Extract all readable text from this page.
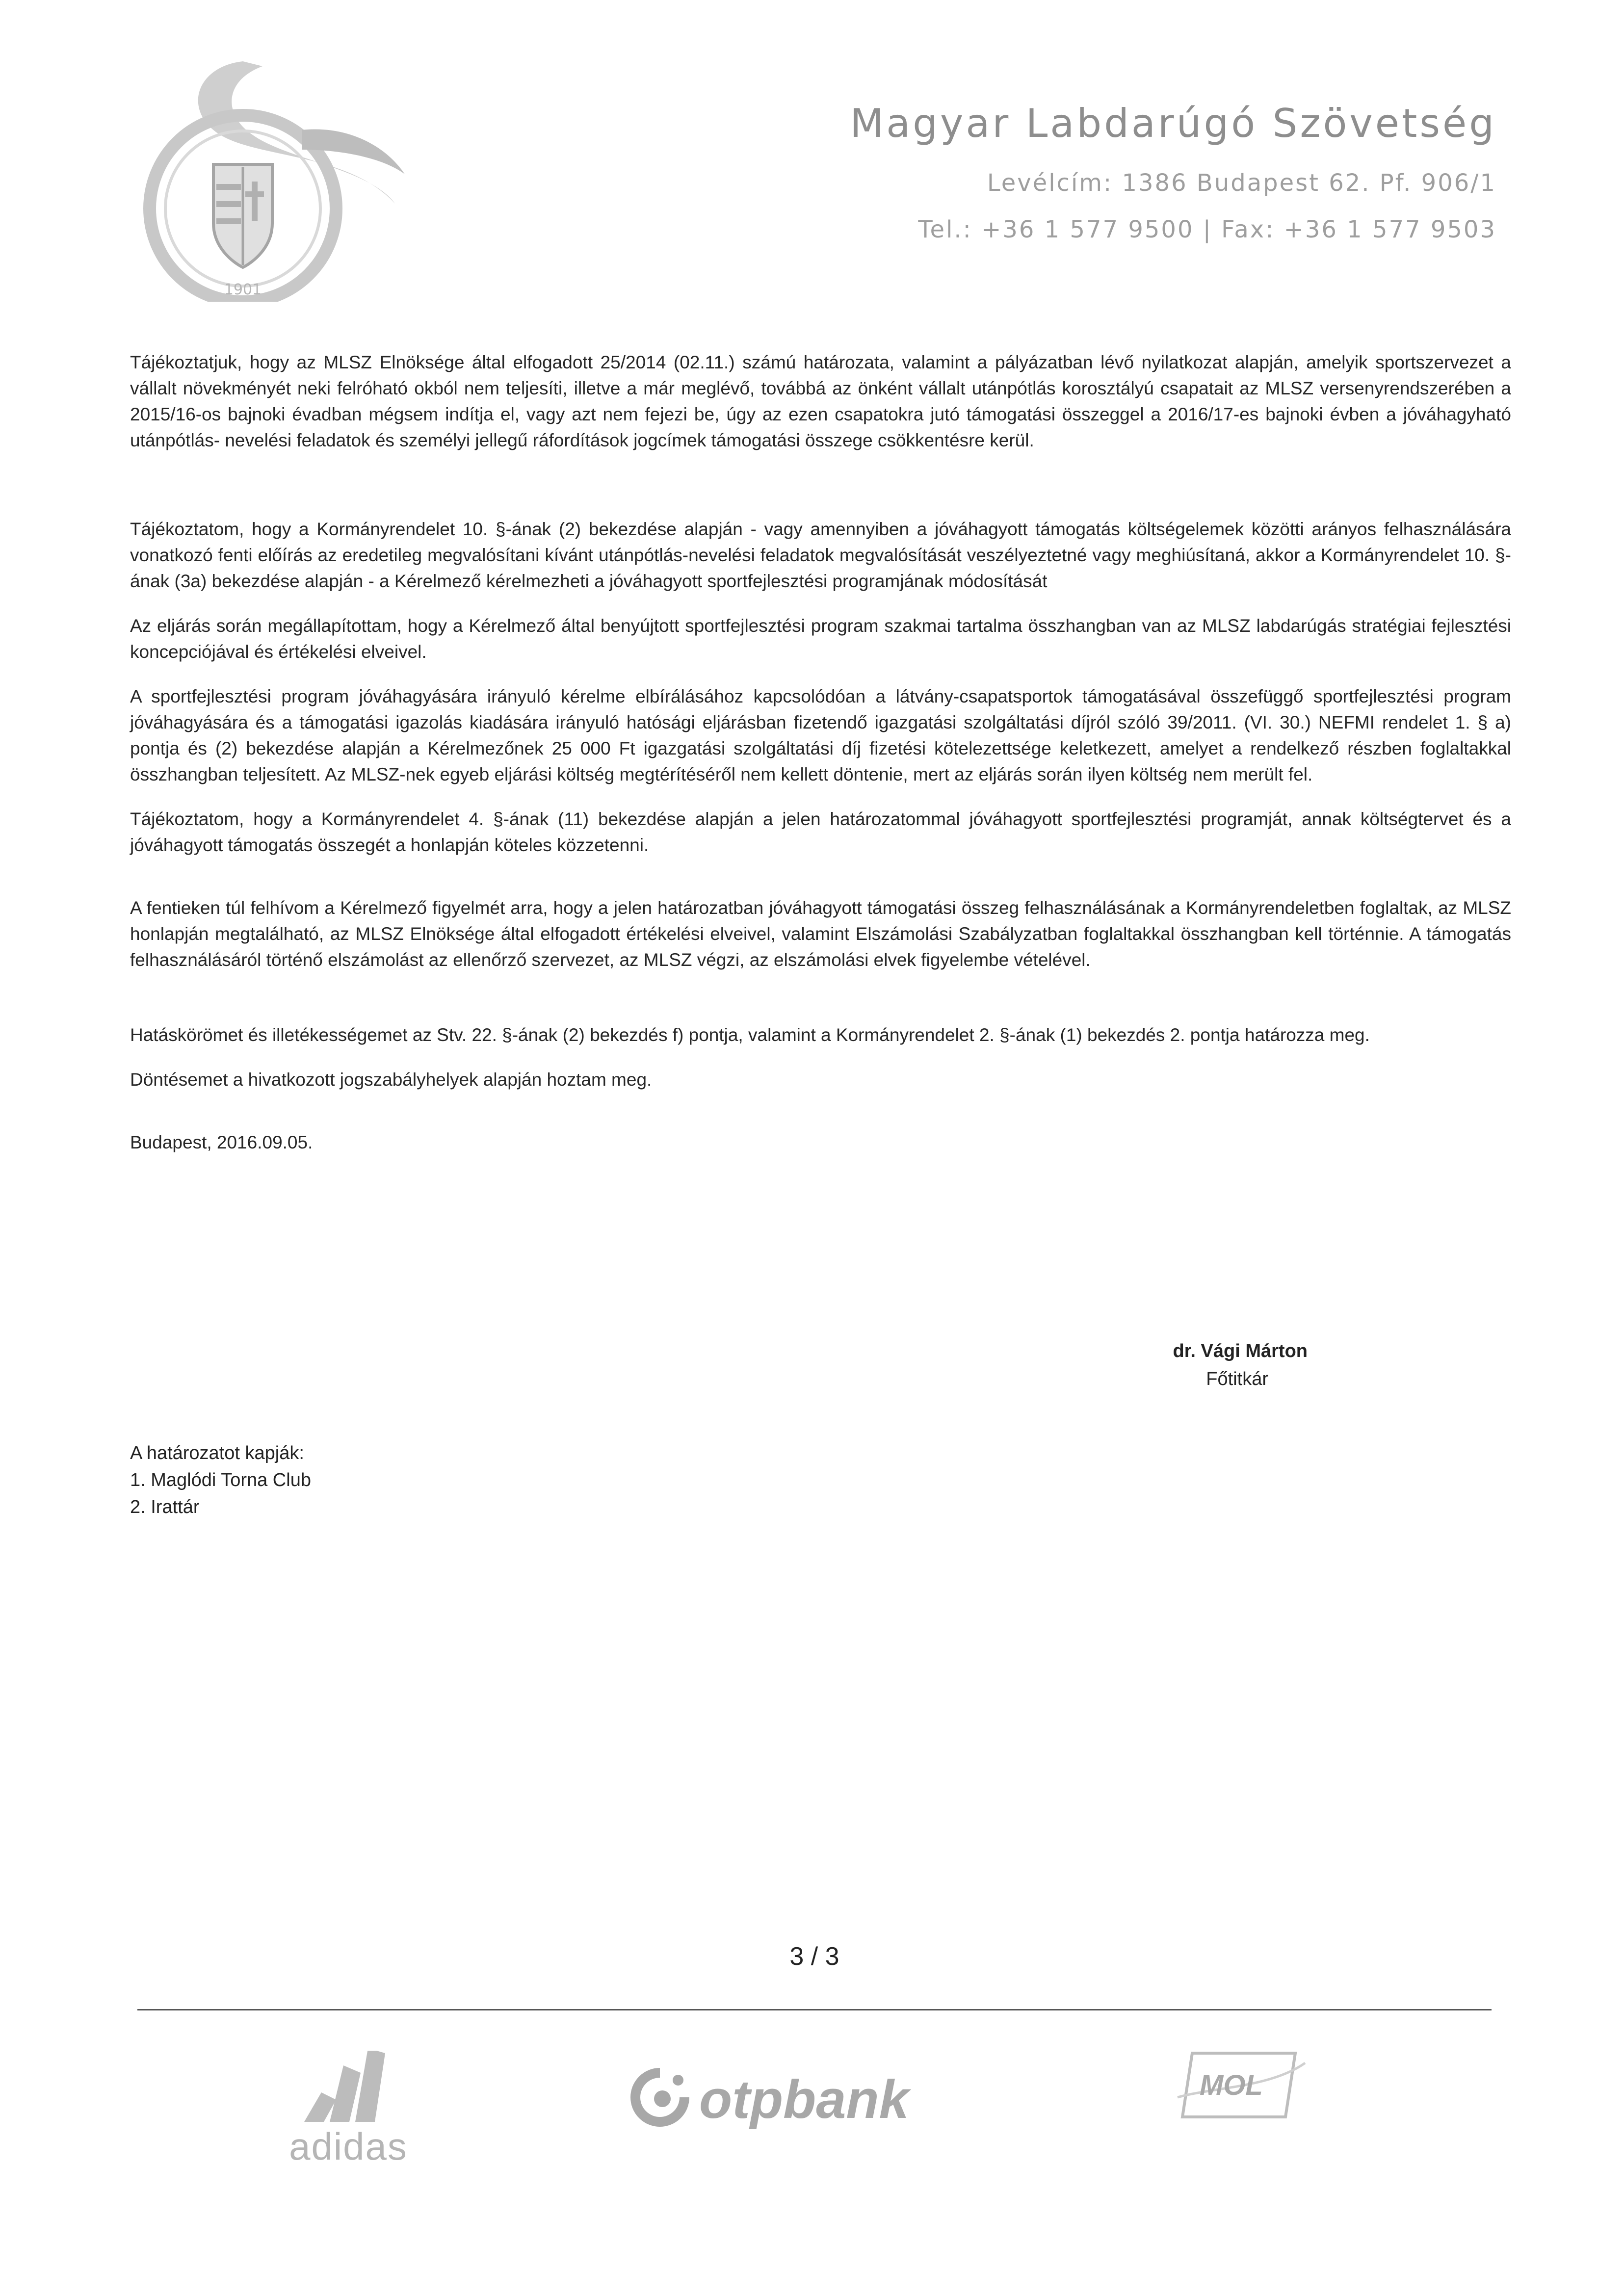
1901
Magyar Labdarúgó Szövetség
Levélcím: 1386 Budapest 62. Pf. 906/1
Tel.: +36 1 577 9500 | Fax: +36 1 577 9503

Tájékoztatjuk, hogy az MLSZ Elnöksége által elfogadott 25/2014 (02.11.) számú határozata, valamint a pályázatban lévő nyilatkozat alapján, amelyik sportszervezet a vállalt növekményét neki felróható okból nem teljesíti, illetve a már meglévő, továbbá az önként vállalt utánpótlás korosztályú csapatait az MLSZ versenyrendszerében a 2015/16-os bajnoki évadban mégsem indítja el, vagy azt nem fejezi be, úgy az ezen csapatokra jutó támogatási összeggel a 2016/17-es bajnoki évben a jóváhagyható utánpótlás- nevelési feladatok és személyi jellegű ráfordítások jogcímek támogatási összege csökkentésre kerül.

Tájékoztatom, hogy a Kormányrendelet 10. §-ának (2) bekezdése alapján - vagy amennyiben a jóváhagyott támogatás költségelemek közötti arányos felhasználására vonatkozó fenti előírás az eredetileg megvalósítani kívánt utánpótlás-nevelési feladatok megvalósítását veszélyeztetné vagy meghiúsítaná, akkor a Kormányrendelet 10. §-ának (3a) bekezdése alapján - a Kérelmező kérelmezheti a jóváhagyott sportfejlesztési programjának módosítását

Az eljárás során megállapítottam, hogy a Kérelmező által benyújtott sportfejlesztési program szakmai tartalma összhangban van az MLSZ labdarúgás stratégiai fejlesztési koncepciójával és értékelési elveivel.

A sportfejlesztési program jóváhagyására irányuló kérelme elbírálásához kapcsolódóan a látvány-csapatsportok támogatásával összefüggő sportfejlesztési program jóváhagyására és a támogatási igazolás kiadására irányuló hatósági eljárásban fizetendő igazgatási szolgáltatási díjról szóló 39/2011. (VI. 30.) NEFMI rendelet 1. § a) pontja és (2) bekezdése alapján a Kérelmezőnek 25 000 Ft igazgatási szolgáltatási díj fizetési kötelezettsége keletkezett, amelyet a rendelkező részben foglaltakkal összhangban teljesített. Az MLSZ-nek egyeb eljárási költség megtérítéséről nem kellett döntenie, mert az eljárás során ilyen költség nem merült fel.

Tájékoztatom, hogy a Kormányrendelet 4. §-ának (11) bekezdése alapján a jelen határozatommal jóváhagyott sportfejlesztési programját, annak költségtervet és a jóváhagyott támogatás összegét a honlapján köteles közzetenni.

A fentieken túl felhívom a Kérelmező figyelmét arra, hogy a jelen határozatban jóváhagyott támogatási összeg felhasználásának a Kormányrendeletben foglaltak, az MLSZ honlapján megtalálható, az MLSZ Elnöksége által elfogadott értékelési elveivel, valamint Elszámolási Szabályzatban foglaltakkal összhangban kell történnie. A támogatás felhasználásáról történő elszámolást az ellenőrző szervezet, az MLSZ végzi, az elszámolási elvek figyelembe vételével.

Hatáskörömet és illetékességemet az Stv. 22. §-ának (2) bekezdés f) pontja, valamint a Kormányrendelet 2. §-ának (1) bekezdés 2. pontja határozza meg.

Döntésemet a hivatkozott jogszabályhelyek alapján hoztam meg.

Budapest, 2016.09.05.

dr. Vági Márton
Főtitkár
A határozatot kapják:
1. Maglódi Torna Club
2. Irattár
3 / 3
adidas
otpbank	MOL
